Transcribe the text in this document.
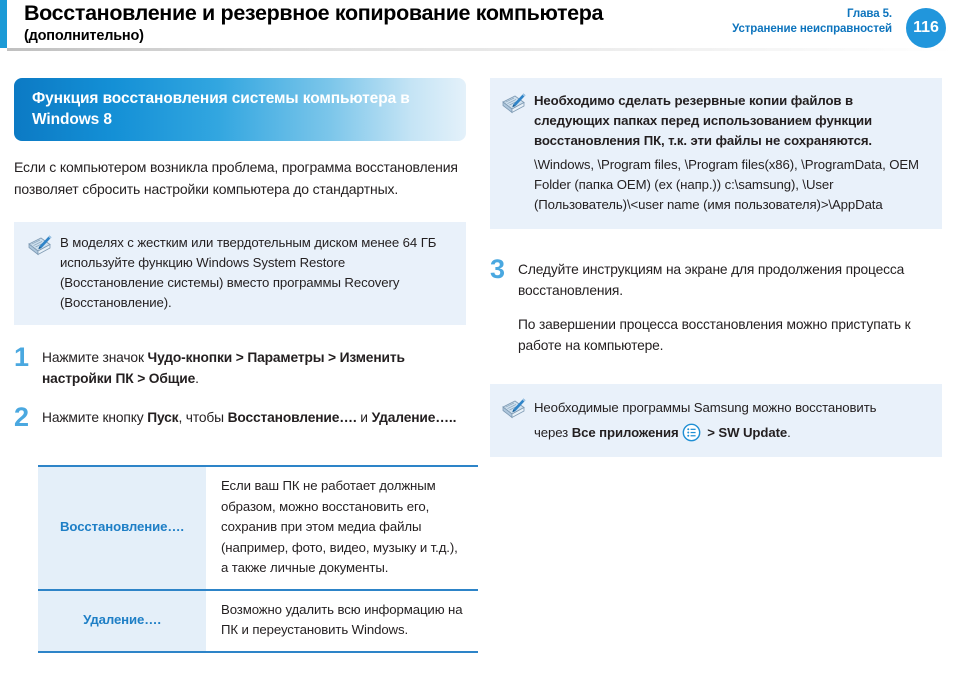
Восстановление и резервное копирование компьютера
(дополнительно)
Глава 5.
Устранение неисправностей	116
Функция восстановления системы компьютера в Windows 8
Если с компьютером возникла проблема, программа восстановления позволяет сбросить настройки компьютера до стандартных.
В моделях с жестким или твердотельным диском менее 64 ГБ используйте функцию Windows System Restore (Восстановление системы) вместо программы Recovery (Восстановление).
1 Нажмите значок Чудо-кнопки > Параметры > Изменить настройки ПК > Общие.
2 Нажмите кнопку Пуск, чтобы Восстановление…. и Удаление…..
Восстановление….	Если ваш ПК не работает должным образом, можно восстановить его, сохранив при этом медиа файлы (например, фото, видео, музыку и т.д.), а также личные документы.
Удаление….	Возможно удалить всю информацию на ПК и переустановить Windows.
Необходимо сделать резервные копии файлов в следующих папках перед использованием функции восстановления ПК, т.к. эти файлы не сохраняются.
\Windows, \Program files, \Program files(x86), \ProgramData, OEM Folder (папка OEM) (ex (напр.)) c:\samsung), \User (Пользователь)\<user name (имя пользователя)>\AppData
3 Следуйте инструкциям на экране для продолжения процесса восстановления.
По завершении процесса восстановления можно приступать к работе на компьютере.
Необходимые программы Samsung можно восстановить
через Все приложения > SW Update.
